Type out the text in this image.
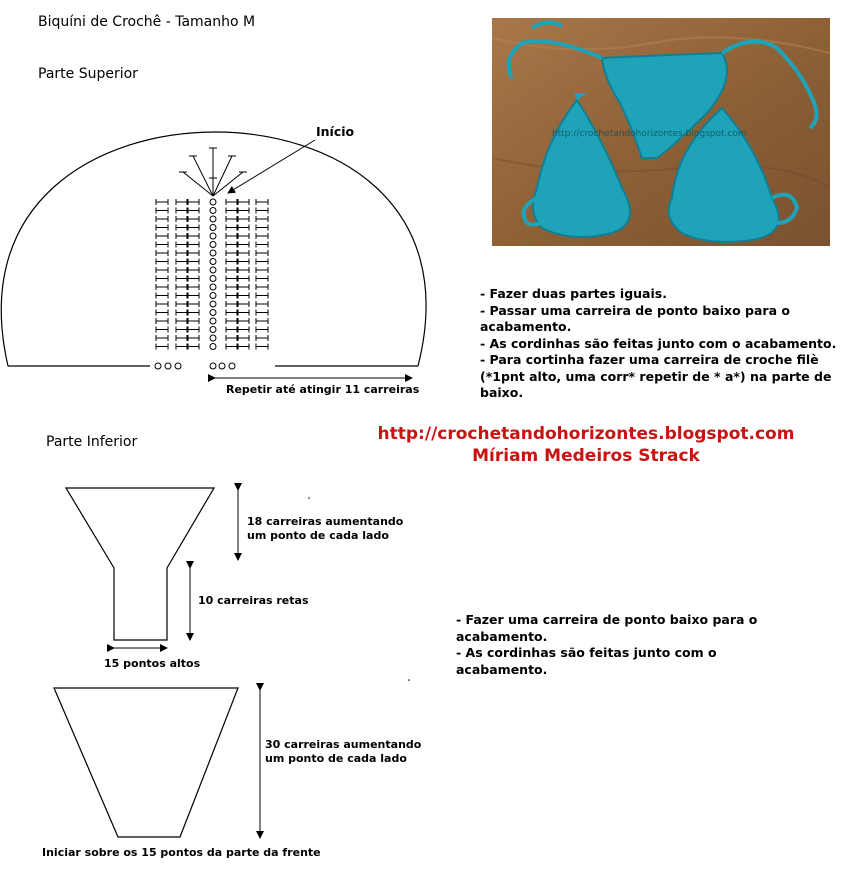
Biquíni de Crochê - Tamanho M
Parte Superior
Parte Inferior
Início
Repetir até atingir 11 carreiras
18 carreiras aumentando
um ponto de cada lado
10 carreiras retas
15 pontos altos
30 carreiras aumentando
um ponto de cada lado
Iniciar sobre os 15 pontos da parte da frente
http://crochetandohorizontes.blogspot.com
- Fazer duas partes iguais.
- Passar uma carreira de ponto baixo para o
acabamento.
- As cordinhas são feitas junto com o acabamento.
- Para cortinha fazer uma carreira de croche filè
(*1pnt alto, uma corr* repetir de * a*) na parte de
baixo.
http://crochetandohorizontes.blogspot.com
Míriam Medeiros Strack
- Fazer uma carreira de ponto baixo para o
acabamento.
- As cordinhas são feitas junto com o
acabamento.
